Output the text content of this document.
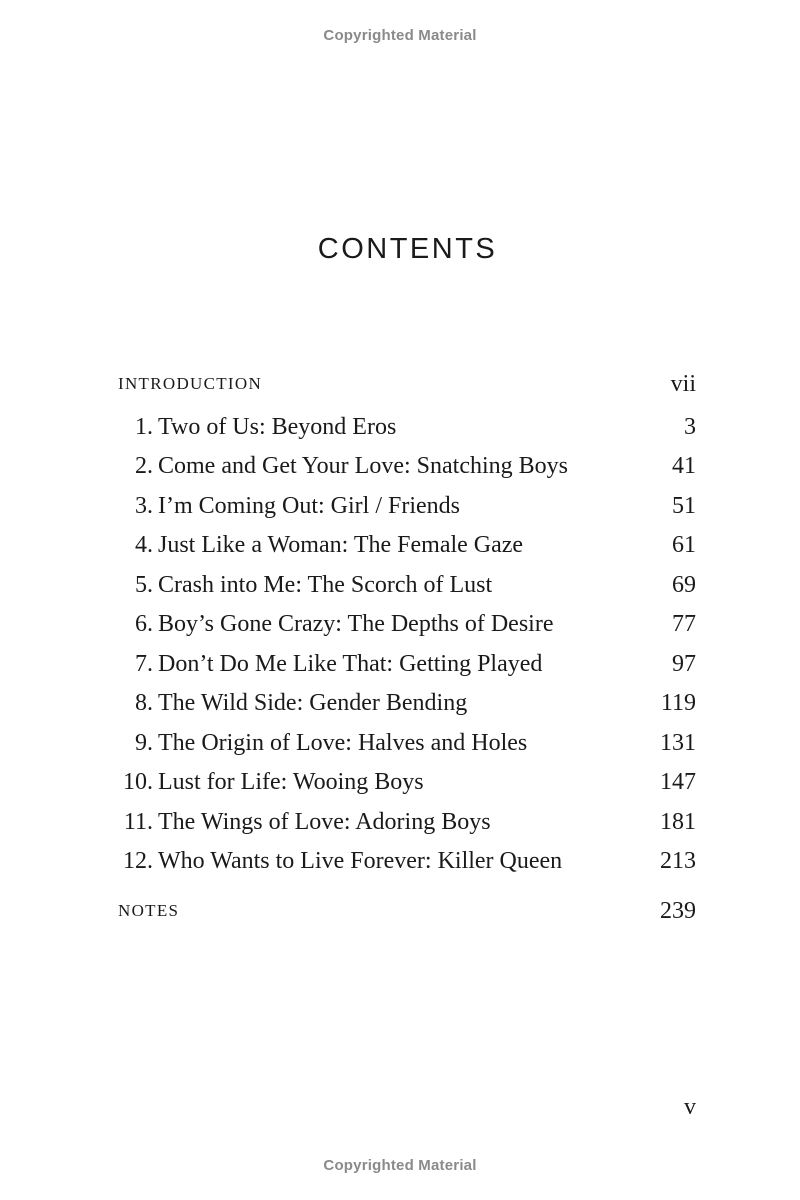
Copyrighted Material
CONTENTS
INTRODUCTION	vii
1. Two of Us: Beyond Eros	3
2. Come and Get Your Love: Snatching Boys	41
3. I’m Coming Out: Girl / Friends	51
4. Just Like a Woman: The Female Gaze	61
5. Crash into Me: The Scorch of Lust	69
6. Boy’s Gone Crazy: The Depths of Desire	77
7. Don’t Do Me Like That: Getting Played	97
8. The Wild Side: Gender Bending	119
9. The Origin of Love: Halves and Holes	131
10. Lust for Life: Wooing Boys	147
11. The Wings of Love: Adoring Boys	181
12. Who Wants to Live Forever: Killer Queen	213
NOTES	239
v
Copyrighted Material
